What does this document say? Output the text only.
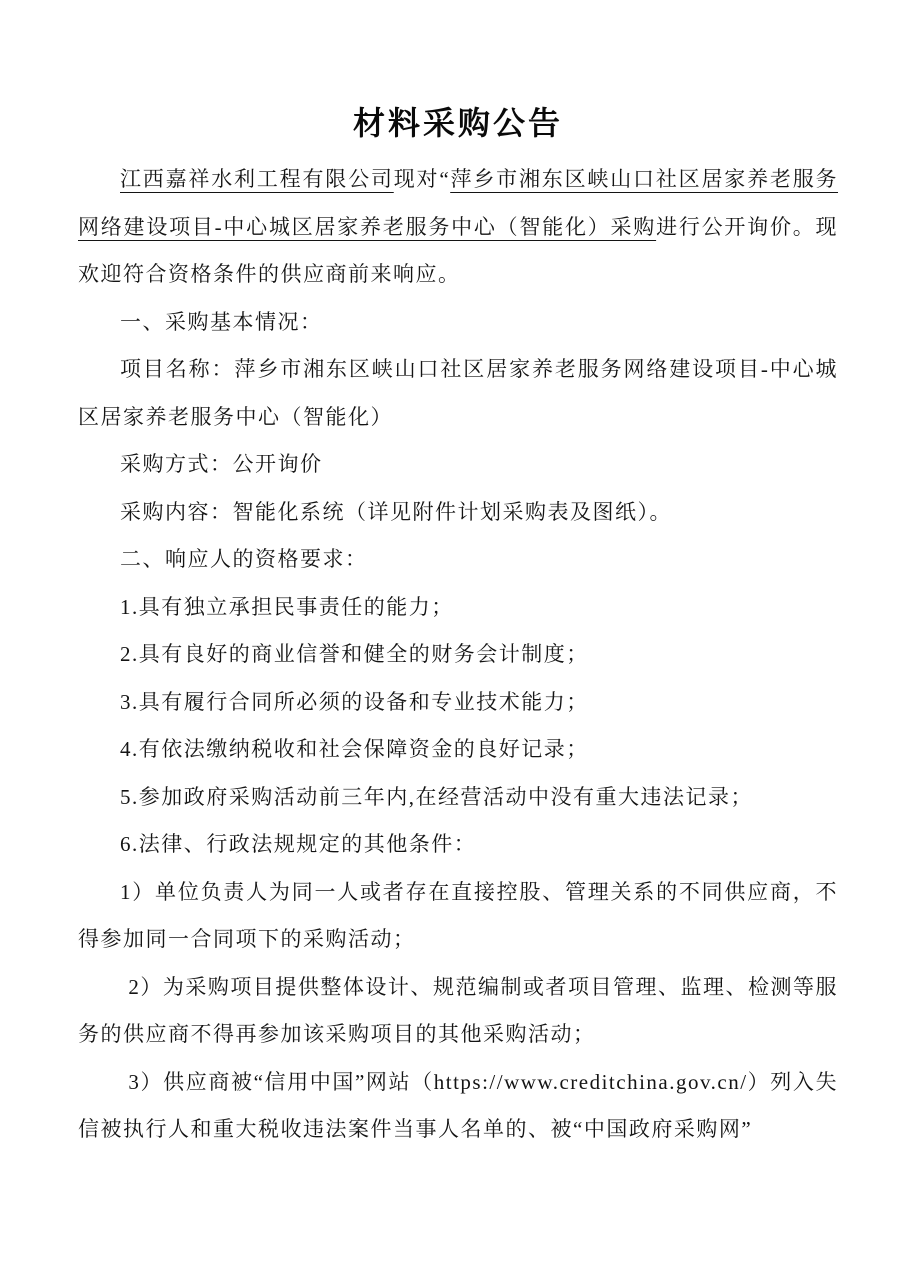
材料采购公告

江西嘉祥水利工程有限公司现对“萍乡市湘东区峡山口社区居家养老服务网络建设项目-中心城区居家养老服务中心（智能化）采购进行公开询价。现欢迎符合资格条件的供应商前来响应。

一、采购基本情况：

项目名称：萍乡市湘东区峡山口社区居家养老服务网络建设项目-中心城区居家养老服务中心（智能化）

采购方式：公开询价

采购内容：智能化系统（详见附件计划采购表及图纸）。

二、响应人的资格要求：

1.具有独立承担民事责任的能力；

2.具有良好的商业信誉和健全的财务会计制度；

3.具有履行合同所必须的设备和专业技术能力；

4.有依法缴纳税收和社会保障资金的良好记录；

5.参加政府采购活动前三年内,在经营活动中没有重大违法记录；

6.法律、行政法规规定的其他条件：

1）单位负责人为同一人或者存在直接控股、管理关系的不同供应商，不得参加同一合同项下的采购活动；

2）为采购项目提供整体设计、规范编制或者项目管理、监理、检测等服务的供应商不得再参加该采购项目的其他采购活动；

3）供应商被“信用中国”网站（https://www.creditchina.gov.cn/）列入失信被执行人和重大税收违法案件当事人名单的、被“中国政府采购网”
